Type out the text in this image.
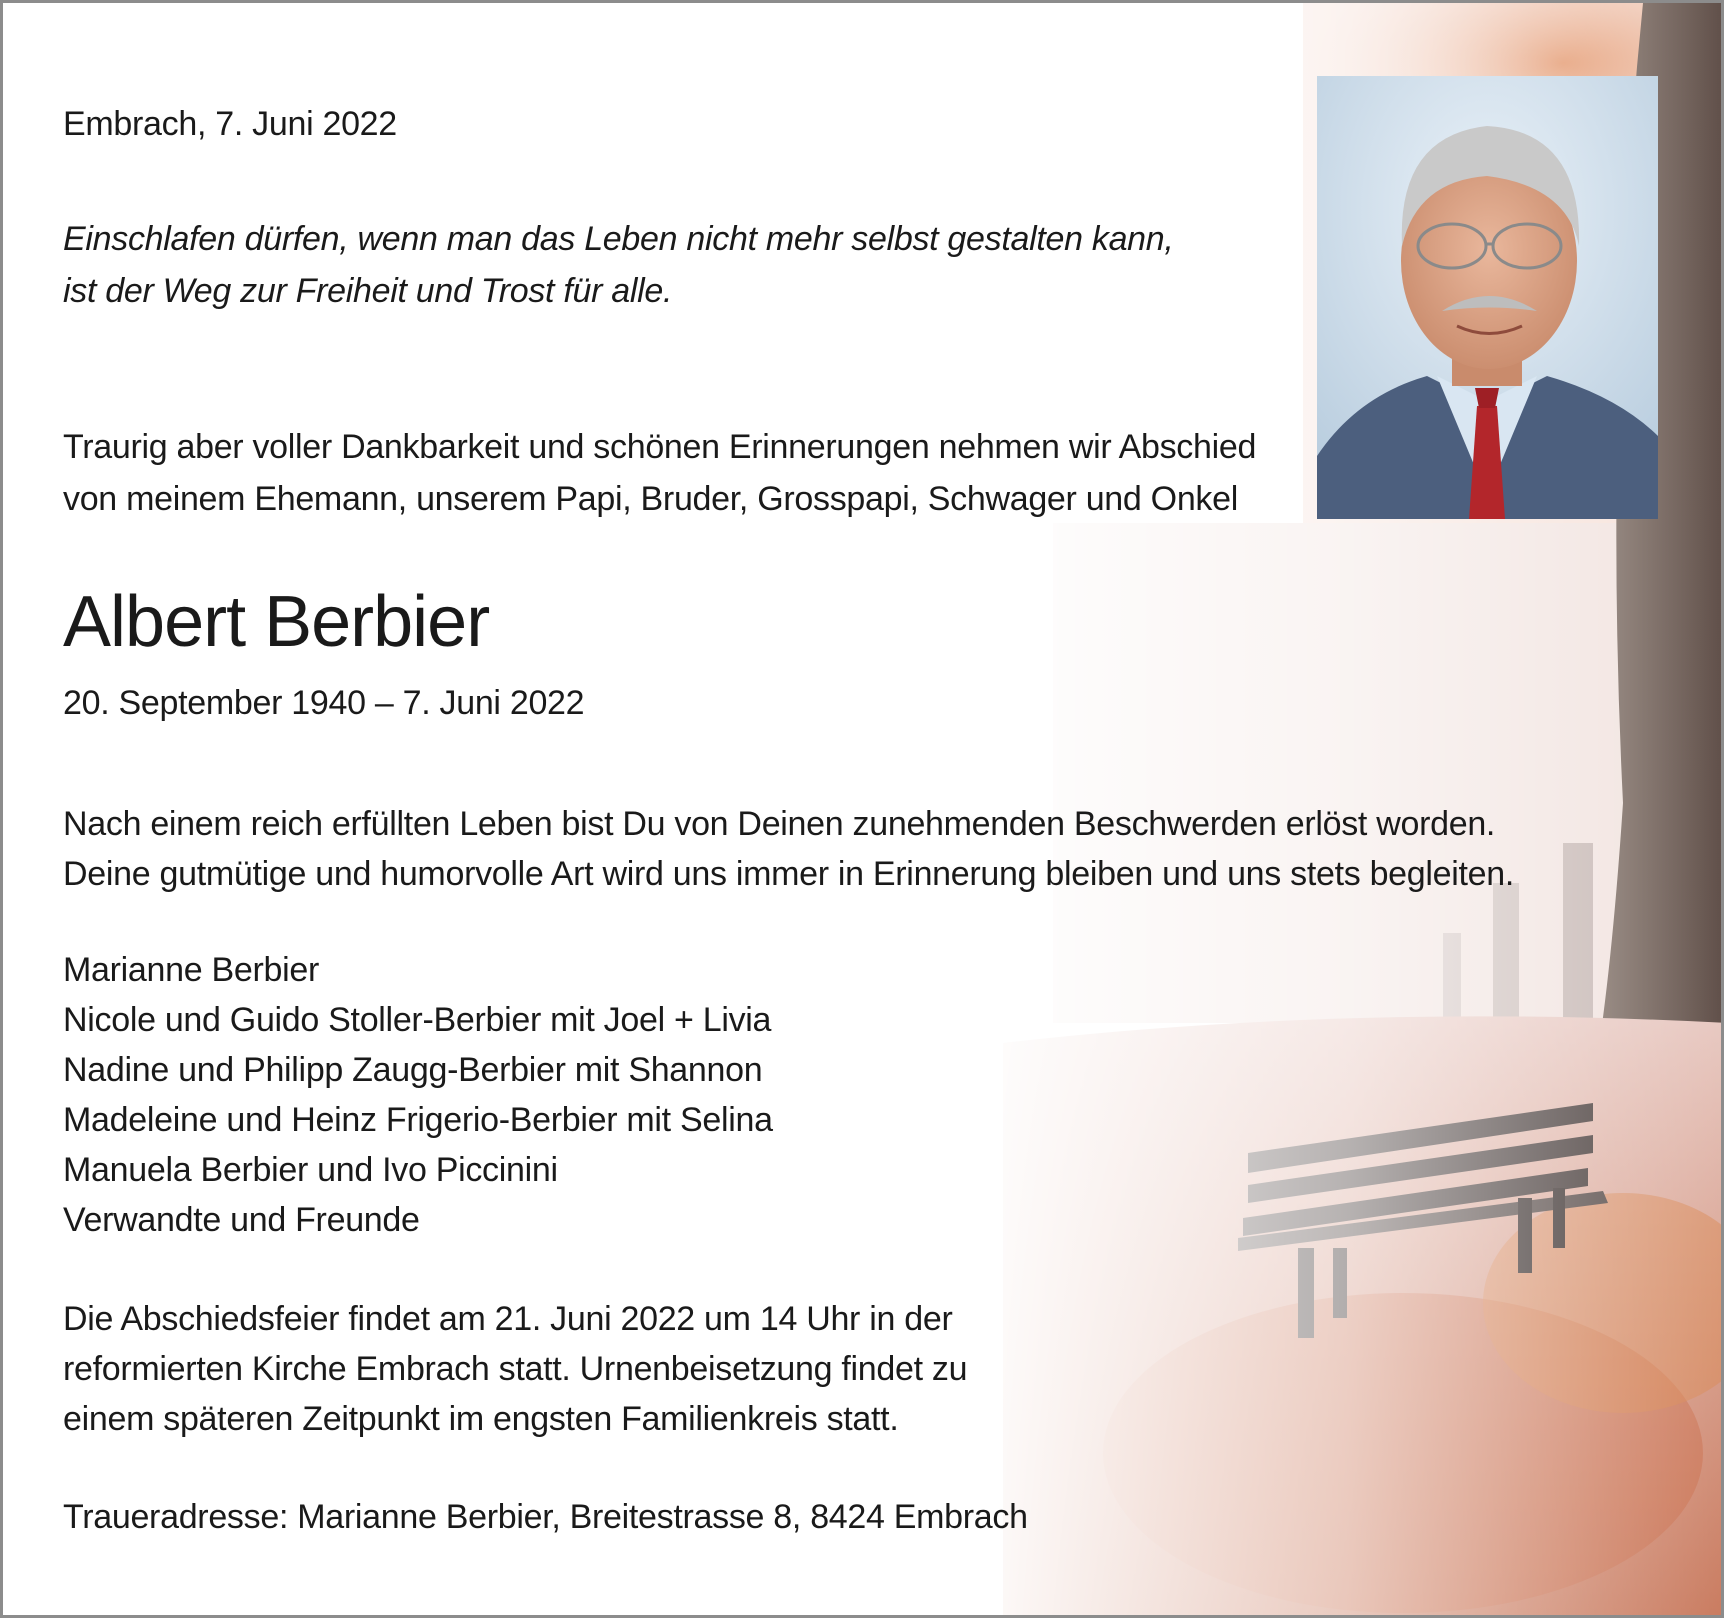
Embrach, 7. Juni 2022

Einschlafen dürfen, wenn man das Leben nicht mehr selbst gestalten kann,
ist der Weg zur Freiheit und Trost für alle.

Traurig aber voller Dankbarkeit und schönen Erinnerungen nehmen wir Abschied
von meinem Ehemann, unserem Papi, Bruder, Grosspapi, Schwager und Onkel

Albert Berbier

20. September 1940 – 7. Juni 2022

Nach einem reich erfüllten Leben bist Du von Deinen zunehmenden Beschwerden erlöst worden.
Deine gutmütige und humorvolle Art wird uns immer in Erinnerung bleiben und uns stets begleiten.

Marianne Berbier
Nicole und Guido Stoller-Berbier mit Joel + Livia
Nadine und Philipp Zaugg-Berbier mit Shannon
Madeleine und Heinz Frigerio-Berbier mit Selina
Manuela Berbier und Ivo Piccinini
Verwandte und Freunde

Die Abschiedsfeier findet am 21. Juni 2022 um 14 Uhr in der
reformierten Kirche Embrach statt. Urnenbeisetzung findet zu
einem späteren Zeitpunkt im engsten Familienkreis statt.

Traueradresse: Marianne Berbier, Breitestrasse 8, 8424 Embrach
